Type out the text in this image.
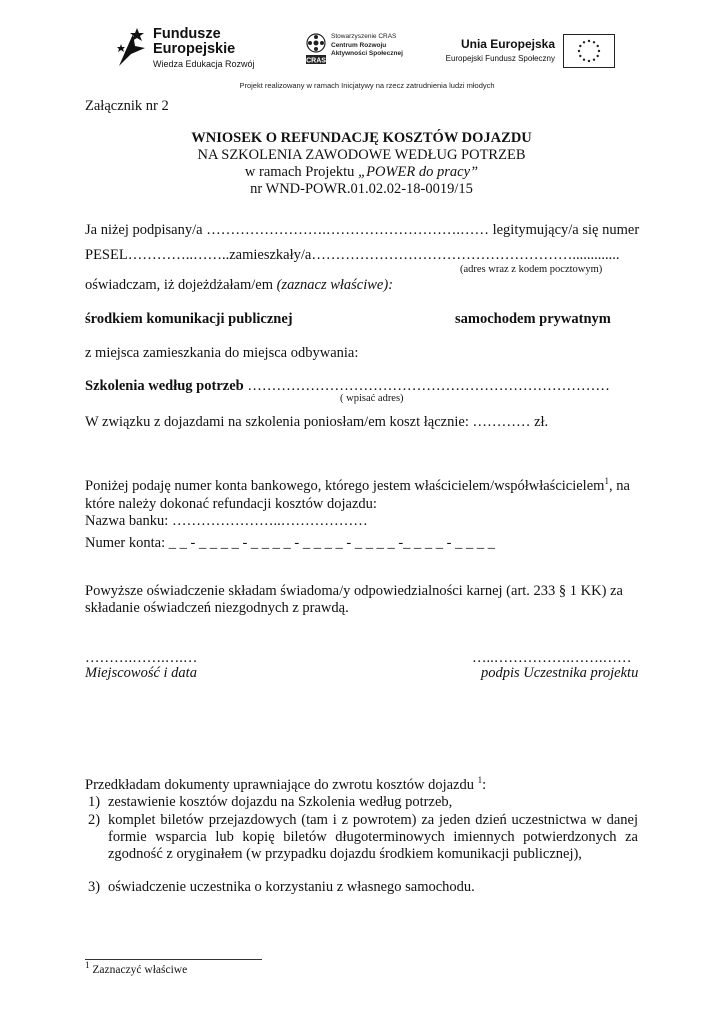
Fundusze
Europejskie
Wiedza Edukacja Rozwój	CRAS
Stowarzyszenie CRAS
Centrum Rozwoju
Aktywności Społecznej
Unia Europejska
Europejski Fundusz Społeczny
Projekt realizowany w ramach Inicjatywy na rzecz zatrudnienia ludzi młodych
Załącznik nr 2
WNIOSEK O REFUNDACJĘ KOSZTÓW DOJAZDU
NA SZKOLENIA ZAWODOWE WEDŁUG POTRZEB
w ramach Projektu „POWER do pracy”
nr WND-POWR.01.02.02-18-0019/15
Ja niżej podpisany/a …………………….……………………….…… legitymujący/a się numer
PESEL…………..……..zamieszkały/a……………………………………………….............
(adres wraz z kodem pocztowym)
oświadczam, iż dojeżdżałam/em (zaznacz właściwe):
środkiem komunikacji publicznej	samochodem prywatnym
z miejsca zamieszkania do miejsca odbywania:
Szkolenia według potrzeb …………………………………………………………………
( wpisać adres)
W związku z dojazdami na szkolenia poniosłam/em koszt łącznie: ………… zł.
Poniżej podaję numer konta bankowego, którego jestem właścicielem/współwłaścicielem$^1$, na
które należy dokonać refundacji kosztów dojazdu:
Nazwa banku: …………………..………………
Numer konta: _ _ - _ _ _ _ - _ _ _ _ - _ _ _ _ - _ _ _ _ -_ _ _ _ - _ _ _ _
Powyższe oświadczenie składam świadoma/y odpowiedzialności karnej (art. 233 § 1 KK) za
składanie oświadczeń niezgodnych z prawdą.
……….…….….…
Miejscowość i data
…..…………….…….……
podpis Uczestnika projektu
Przedkładam dokumenty uprawniające do zwrotu kosztów dojazdu $^1$:
1) zestawienie kosztów dojazdu na Szkolenia według potrzeb,
2) komplet biletów przejazdowych (tam i z powrotem) za jeden dzień uczestnictwa w danej formie wsparcia lub kopię biletów długoterminowych imiennych potwierdzonych za zgodność z oryginałem (w przypadku dojazdu środkiem komunikacji publicznej),
3) oświadczenie uczestnika o korzystaniu z własnego samochodu.
$^1$ Zaznaczyć właściwe
